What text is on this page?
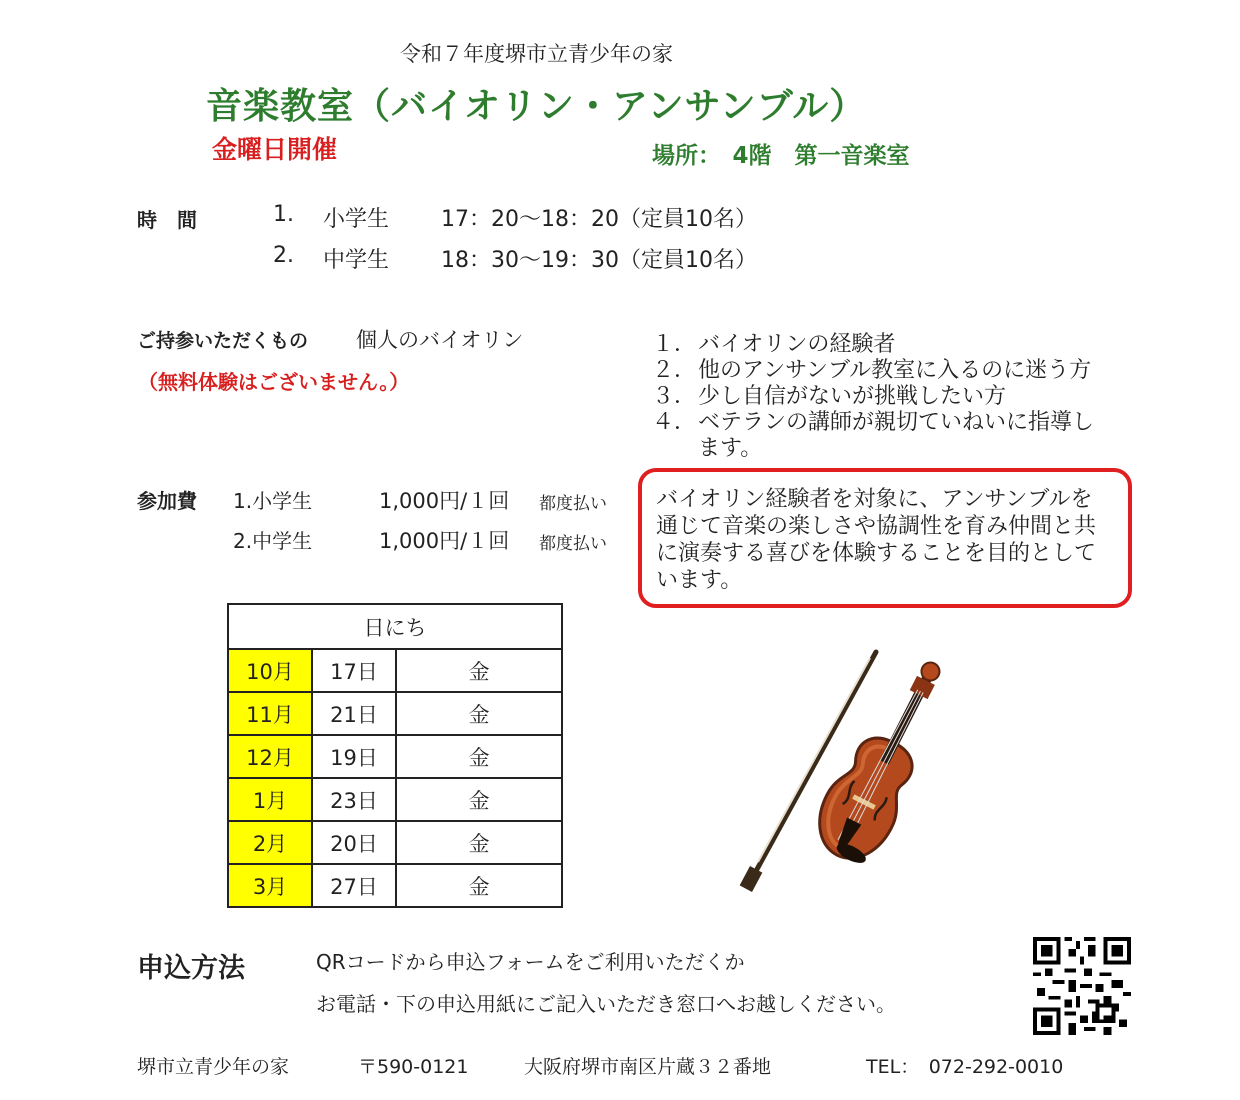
令和７年度堺市立青少年の家
音楽教室（バイオリン・アンサンブル）
金曜日開催	場所：　4階　第一音楽室
時　間	1. 小学生 17：20～18：20（定員10名）
2. 中学生 18：30～19：30（定員10名）
ご持参いただくもの 個人のバイオリン
（無料体験はございません。）
１． バイオリンの経験者
２． 他のアンサンブル教室に入るのに迷う方
３． 少し自信がないが挑戦したい方
４． ベテランの講師が親切ていねいに指導します。
参加費 1.小学生	1,000円/１回 都度払い
2.中学生	1,000円/１回 都度払い
バイオリン経験者を対象に、アンサンブルを通じて音楽の楽しさや協調性を育み仲間と共に演奏する喜びを体験することを目的としています。
日にち		
10月	17日	金
11月	21日	金
12月	19日	金
1月	23日	金
2月	20日	金
3月	27日	金
申込方法	QRコードから申込フォームをご利用いただくか
お電話・下の申込用紙にご記入いただき窓口へお越しください。
堺市立青少年の家	〒590-0121	大阪府堺市南区片蔵３２番地	TEL：　072-292-0010
